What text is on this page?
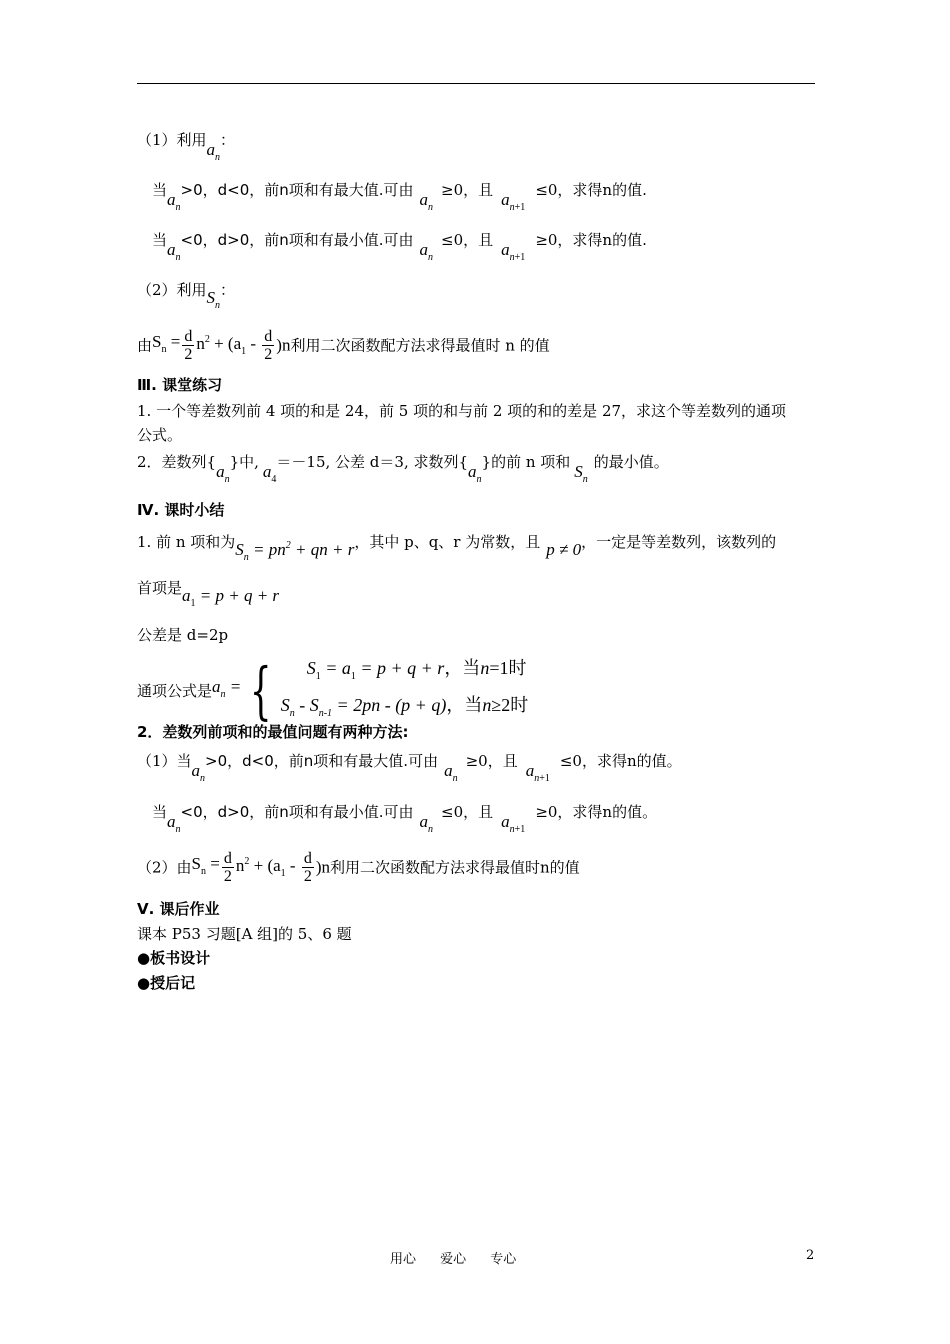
（1）利用$a_n$：
当$a_n>0$，d<0，前n项和有最大值.可由 $a_n\ge 0$，且 $a_{n+1}\le 0$，求得n的值.
当$a_n<0$，d>0，前n项和有最小值.可由 $a_n\le 0$，且 $a_{n+1}\ge 0$，求得n的值.
（2）利用$S_n$：
由$S_n = \frac{d}{2} n^2 + (a_1 - \frac{d}{2} )n$利用二次函数配方法求得最值时 n 的值
Ⅲ. 课堂练习
1. 一个等差数列前 4 项的和是 24，前 5 项的和与前 2 项的和的差是 27，求这个等差数列的通项
公式。
2．差数列$\{a_n\}$中, $a_4=-15$, 公差 d＝3, 求数列$\{a_n\}$的前 n 项和 $S_n$的最小值。
Ⅳ. 课时小结
1. 前 n 项和为$S_n = pn^2$ + qn + r，其中 p、q、r 为常数，且 p ≠ 0，一定是等差数列，该数列的
首项是$a_1 = p + q + r$
公差是 d=2p
通项公式是$a_n$ = {	$S_1 = a_1 = p + q + r$，当n=1时
$S_n - S_{n-1} = 2pn - (p + q)$，当n≥2时
2．差数列前项和的最值问题有两种方法:
（1）当$a_n>0$，d<0，前n项和有最大值.可由 $a_n\ge 0$，且 $a_{n+1}\le 0$，求得n的值。
当$a_n<0$，d>0，前n项和有最小值.可由 $a_n\le 0$，且 $a_{n+1}\ge 0$，求得n的值。
（2）由$S_n = \frac{d}{2} n^2 + (a_1 - \frac{d}{2} )n$利用二次函数配方法求得最值时n的值
Ⅴ. 课后作业
课本 P53 习题[A 组]的 5、6 题
●板书设计
●授后记
用心 爱心 专心	2
